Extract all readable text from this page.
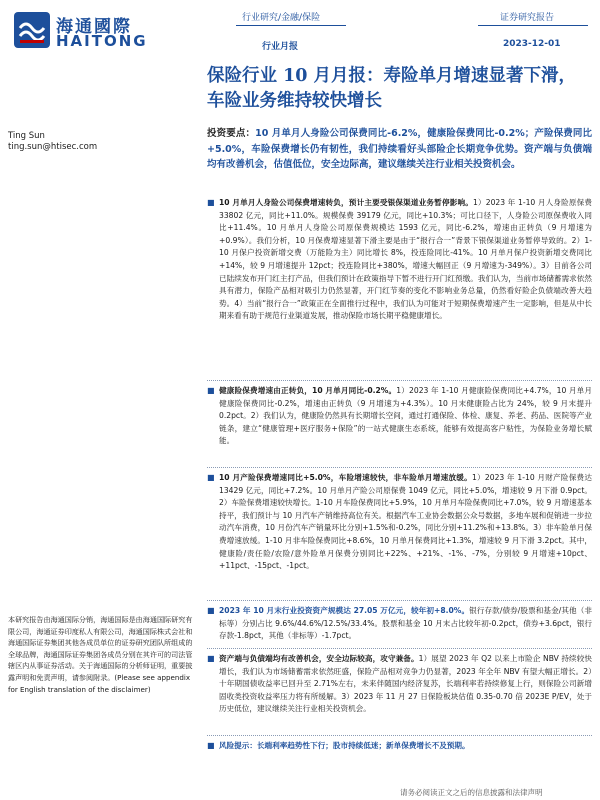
海通國際
HAITONG
行业研究/金融/保险
行业月报
证券研究报告
2023-12-01
保险行业 10 月月报：寿险单月增速显著下滑，车险业务维持较快增长
Ting Sun
ting.sun@htisec.com
投资要点：10 月单月人身险公司保费同比-6.2%，健康险保费同比-0.2%；产险保费同比+5.0%，车险保费增长仍有韧性，我们持续看好头部险企长期竞争优势。资产端与负债端均有改善机会，估值低位，安全边际高，建议继续关注行业相关投资机会。
■ 10 月单月人身险公司保费增速转负，预计主要受银保渠道业务暂停影响。1）2023 年 1-10 月人身险原保费 33802 亿元，同比+11.0%。规模保费 39179 亿元，同比+10.3%；可比口径下，人身险公司原保费收入同比+11.4%。10 月单月人身险公司原保费规模达 1593 亿元，同比-6.2%，增速由正转负（9 月增速为+0.9%）。我们分析，10 月保费增速显著下滑主要是由于“报行合一”背景下银保渠道业务暂停导致的。2）1-10 月保户投资新增交费（万能险为主）同比增长 8%，投连险同比-41%。10 月单月保户投资新增交费同比+14%，较 9 月增速提升 12pct；投连险同比+380%，增速大幅回正（9 月增速为-349%）。3）目前各公司已陆续发布开门红主打产品，但我们预计在政策指导下暂不进行开门红预缴。我们认为，当前市场储蓄需求依然具有潜力，保险产品相对吸引力仍然显著，开门红节奏的变化不影响业务总量，仍然看好险企负债端改善大趋势。4）当前“报行合一”政策正在全面推行过程中，我们认为可能对于短期保费增速产生一定影响，但是从中长期来看有助于规范行业渠道发展，推动保险市场长期平稳健康增长。
■ 健康险保费增速由正转负，10 月单月同比-0.2%。1）2023 年 1-10 月健康险保费同比+4.7%，10 月单月健康险保费同比-0.2%，增速由正转负（9 月增速为+4.3%）。10 月末健康险占比为 24%，较 9 月末提升 0.2pct。2）我们认为，健康险仍然具有长期增长空间，通过打通保险、体检、康复、养老、药品、医院等产业链条，建立“健康管理+医疗服务+保险”的一站式健康生态系统，能够有效提高客户粘性，为保险业务增长赋能。
■ 10 月产险保费增速同比+5.0%，车险增速较快，非车险单月增速放缓。1）2023 年 1-10 月财产险保费达 13429 亿元，同比+7.2%。10 月单月产险公司原保费 1049 亿元，同比+5.0%，增速较 9 月下滑 0.9pct。2）车险保费增速较快增长。1-10 月车险保费同比+5.9%，10 月单月车险保费同比+7.0%，较 9 月增速基本持平，我们预计与 10 月汽车产销维持高位有关。根据汽车工业协会数据公众号数据，多地车展和促销进一步拉动汽车消费，10 月份汽车产销量环比分别+1.5%和-0.2%，同比分别+11.2%和+13.8%。3）非车险单月保费增速放缓。1-10 月非车险保费同比+8.6%，10 月单月保费同比+1.3%，增速较 9 月下滑 3.2pct。其中，健康险/责任险/农险/意外险单月保费分别同比+22%、+21%、-1%、-7%，分别较 9 月增速+10pct、+11pct、-15pct、-1pct。
■ 2023 年 10 月末行业投资资产规模达 27.05 万亿元，较年初+8.0%。银行存款/债券/股票和基金/其他（非标等）分别占比 9.6%/44.6%/12.5%/33.4%。股票和基金 10 月末占比较年初-0.2pct，债券+3.6pct，银行存款-1.8pct，其他（非标等）-1.7pct。
■ 资产端与负债端均有改善机会，安全边际较高，攻守兼备。1）展望 2023 年 Q2 以来上市险企 NBV 持续较快增长，我们认为市场储蓄需求依然旺盛，保险产品相对竞争力仍显著，2023 年全年 NBV 有望大幅正增长。2）十年期国债收益率已回升至 2.71%左右，未来伴随国内经济复苏，长端利率若持续修复上行，则保险公司新增固收类投资收益率压力将有所缓解。3）2023 年 11 月 27 日保险板块估值 0.35-0.70 倍 2023E P/EV，处于历史低位，建议继续关注行业相关投资机会。
■ 风险提示：长端利率趋势性下行；股市持续低迷；新单保费增长不及预期。
本研究报告由海通国际分销，海通国际是由海通国际研究有限公司，海通证券印度私人有限公司，海通国际株式会社和海通国际证券集团其他各成员单位的证券研究团队所组成的全球品牌，海通国际证券集团各成员分别在其许可的司法管辖区内从事证券活动。关于海通国际的分析师证明，重要披露声明和免责声明，请参阅附录。(Please see appendix for English translation of the disclaimer)
请务必阅读正文之后的信息披露和法律声明
